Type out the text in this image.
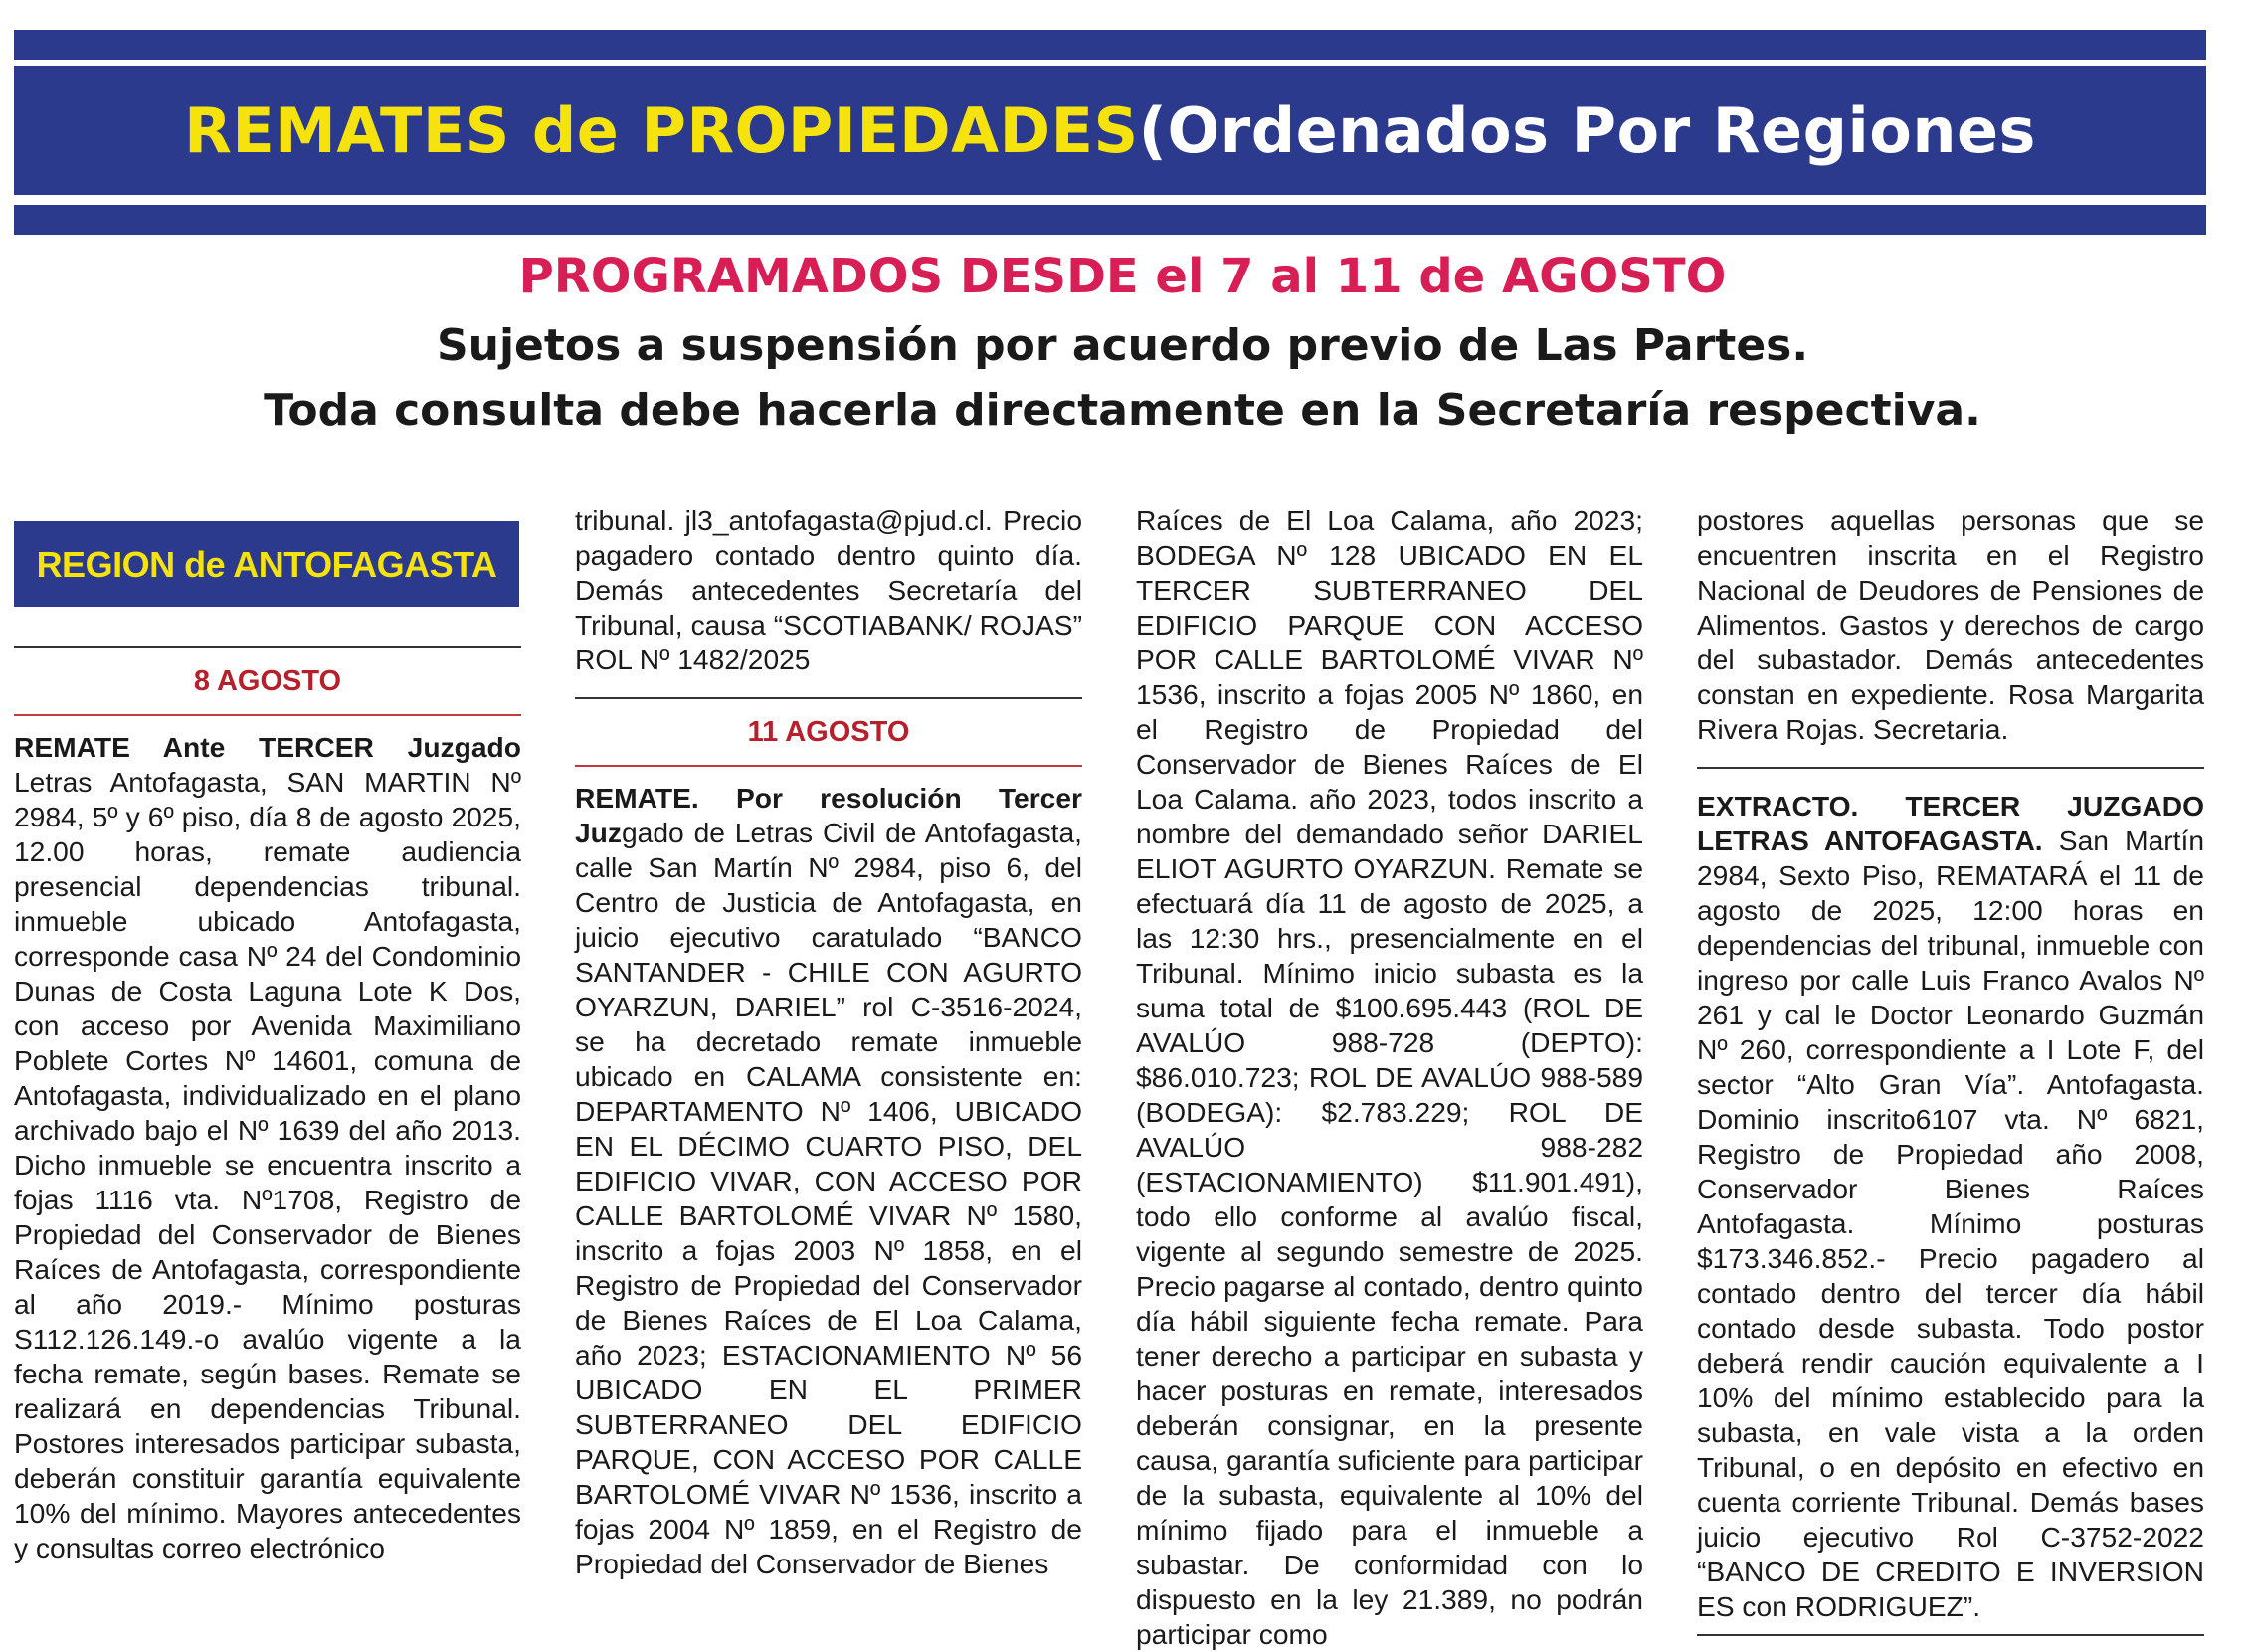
REMATES de PROPIEDADES (Ordenados Por Regiones
PROGRAMADOS DESDE el 7 al 11 de AGOSTO
Sujetos a suspensión por acuerdo previo de Las Partes.
Toda consulta debe hacerla directamente en la Secretaría respectiva.
REGION de ANTOFAGASTA
8 AGOSTO

REMATE Ante TERCER Juzgado Letras Antofagasta, SAN MARTIN Nº 2984, 5º y 6º piso, día 8 de agosto 2025, 12.00 horas, remate audiencia presencial dependencias tribunal. inmueble ubicado Antofagasta, corresponde casa Nº 24 del Condominio Dunas de Costa Laguna Lote K Dos, con acceso por Avenida Maximiliano Poblete Cortes Nº 14601, comuna de Antofagasta, individualizado en el plano archivado bajo el Nº 1639 del año 2013. Dicho inmueble se encuentra inscrito a fojas 1116 vta. Nº1708, Registro de Propiedad del Conservador de Bienes Raíces de Antofagasta, correspondiente al año 2019.- Mínimo posturas S112.126.149.-o avalúo vigente a la fecha remate, según bases. Remate se realizará en dependencias Tribunal. Postores interesados participar subasta, deberán constituir garantía equivalente 10% del mínimo. Mayores antecedentes y consultas correo electrónico

tribunal. jl3_antofagasta@pjud.cl. Precio pagadero contado dentro quinto día. Demás antecedentes Secretaría del Tribunal, causa “SCOTIABANK/ ROJAS” ROL Nº 1482/2025

11 AGOSTO

REMATE. Por resolución Tercer Juzgado de Letras Civil de Antofagasta, calle San Martín Nº 2984, piso 6, del Centro de Justicia de Antofagasta, en juicio ejecutivo caratulado “BANCO SANTANDER - CHILE CON AGURTO OYARZUN, DARIEL” rol C-3516-2024, se ha decretado remate inmueble ubicado en CALAMA consistente en: DEPARTAMENTO Nº 1406, UBICADO EN EL DÉCIMO CUARTO PISO, DEL EDIFICIO VIVAR, CON ACCESO POR CALLE BARTOLOMÉ VIVAR Nº 1580, inscrito a fojas 2003 Nº 1858, en el Registro de Propiedad del Conservador de Bienes Raíces de El Loa Calama, año 2023; ESTACIONAMIENTO Nº 56 UBICADO EN EL PRIMER SUBTERRANEO DEL EDIFICIO PARQUE, CON ACCESO POR CALLE BARTOLOMÉ VIVAR Nº 1536, inscrito a fojas 2004 Nº 1859, en el Registro de Propiedad del Conservador de Bienes

Raíces de El Loa Calama, año 2023; BODEGA Nº 128 UBICADO EN EL TERCER SUBTERRANEO DEL EDIFICIO PARQUE CON ACCESO POR CALLE BARTOLOMÉ VIVAR Nº 1536, inscrito a fojas 2005 Nº 1860, en el Registro de Propiedad del Conservador de Bienes Raíces de El Loa Calama. año 2023, todos inscrito a nombre del demandado señor DARIEL ELIOT AGURTO OYARZUN. Remate se efectuará día 11 de agosto de 2025, a las 12:30 hrs., presencialmente en el Tribunal. Mínimo inicio subasta es la suma total de $100.695.443 (ROL DE AVALÚO 988-728 (DEPTO): $86.010.723; ROL DE AVALÚO 988-589 (BODEGA): $2.783.229; ROL DE AVALÚO 988-282 (ESTACIONAMIENTO) $11.901.491), todo ello conforme al avalúo fiscal, vigente al segundo semestre de 2025. Precio pagarse al contado, dentro quinto día hábil siguiente fecha remate. Para tener derecho a participar en subasta y hacer posturas en remate, interesados deberán consignar, en la presente causa, garantía suficiente para participar de la subasta, equivalente al 10% del mínimo fijado para el inmueble a subastar. De conformidad con lo dispuesto en la ley 21.389, no podrán participar como

postores aquellas personas que se encuentren inscrita en el Registro Nacional de Deudores de Pensiones de Alimentos. Gastos y derechos de cargo del subastador. Demás antecedentes constan en expediente. Rosa Margarita Rivera Rojas. Secretaria.

EXTRACTO. TERCER JUZGADO LETRAS ANTOFAGASTA. San Martín 2984, Sexto Piso, REMATARÁ el 11 de agosto de 2025, 12:00 horas en dependencias del tribunal, inmueble con ingreso por calle Luis Franco Avalos Nº 261 y cal le Doctor Leonardo Guzmán Nº 260, correspondiente a I Lote F, del sector “Alto Gran Vía”. Antofagasta. Dominio inscrito6107 vta. Nº 6821, Registro de Propiedad año 2008, Conservador Bienes Raíces Antofagasta. Mínimo posturas $173.346.852.- Precio pagadero al contado dentro del tercer día hábil contado desde subasta. Todo postor deberá rendir caución equivalente a I 10% del mínimo establecido para la subasta, en vale vista a la orden Tribunal, o en depósito en efectivo en cuenta corriente Tribunal. Demás bases juicio ejecutivo Rol C-3752-2022 “BANCO DE CREDITO E INVERSION ES con RODRIGUEZ”.
